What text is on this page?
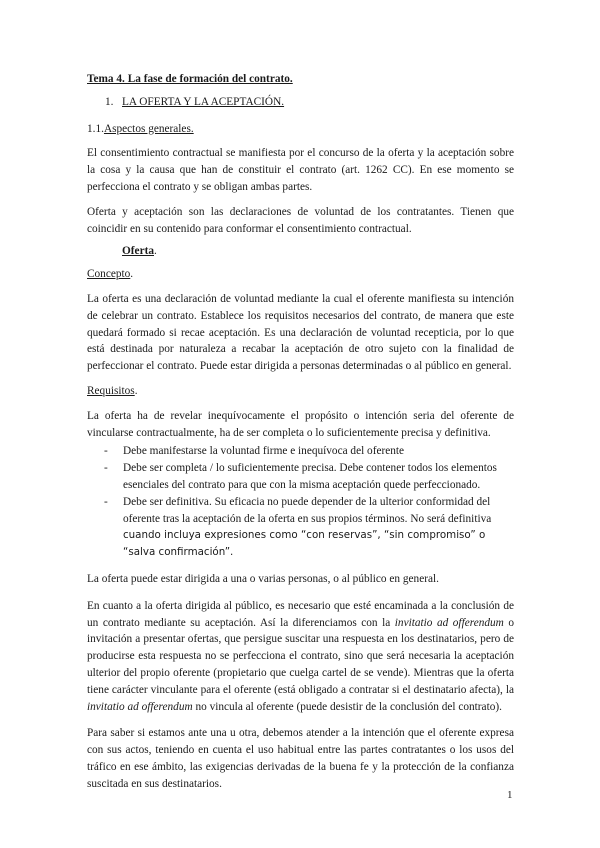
Tema 4. La fase de formación del contrato.

1. LA OFERTA Y LA ACEPTACIÓN.

1.1.Aspectos generales.

El consentimiento contractual se manifiesta por el concurso de la oferta y la aceptación sobre la cosa y la causa que han de constituir el contrato (art. 1262 CC). En ese momento se perfecciona el contrato y se obligan ambas partes.

Oferta y aceptación son las declaraciones de voluntad de los contratantes. Tienen que coincidir en su contenido para conformar el consentimiento contractual.

Oferta.

Concepto.

La oferta es una declaración de voluntad mediante la cual el oferente manifiesta su intención de celebrar un contrato. Establece los requisitos necesarios del contrato, de manera que este quedará formado si recae aceptación. Es una declaración de voluntad recepticia, por lo que está destinada por naturaleza a recabar la aceptación de otro sujeto con la finalidad de perfeccionar el contrato. Puede estar dirigida a personas determinadas o al público en general.

Requisitos.

La oferta ha de revelar inequívocamente el propósito o intención seria del oferente de vincularse contractualmente, ha de ser completa o lo suficientemente precisa y definitiva.

-	Debe manifestarse la voluntad firme e inequívoca del oferente
-	Debe ser completa / lo suficientemente precisa. Debe contener todos los elementos esenciales del contrato para que con la misma aceptación quede perfeccionado.
-	Debe ser definitiva. Su eficacia no puede depender de la ulterior conformidad del oferente tras la aceptación de la oferta en sus propios términos. No será definitiva cuando incluya expresiones como “con reservas”, “sin compromiso” o “salva confirmación”.

La oferta puede estar dirigida a una o varias personas, o al público en general.

En cuanto a la oferta dirigida al público, es necesario que esté encaminada a la conclusión de un contrato mediante su aceptación. Así la diferenciamos con la invitatio ad offerendum o invitación a presentar ofertas, que persigue suscitar una respuesta en los destinatarios, pero de producirse esta respuesta no se perfecciona el contrato, sino que será necesaria la aceptación ulterior del propio oferente (propietario que cuelga cartel de se vende). Mientras que la oferta tiene carácter vinculante para el oferente (está obligado a contratar si el destinatario afecta), la invitatio ad offerendum no vincula al oferente (puede desistir de la conclusión del contrato).

Para saber si estamos ante una u otra, debemos atender a la intención que el oferente expresa con sus actos, teniendo en cuenta el uso habitual entre las partes contratantes o los usos del tráfico en ese ámbito, las exigencias derivadas de la buena fe y la protección de la confianza suscitada en sus destinatarios.

1
